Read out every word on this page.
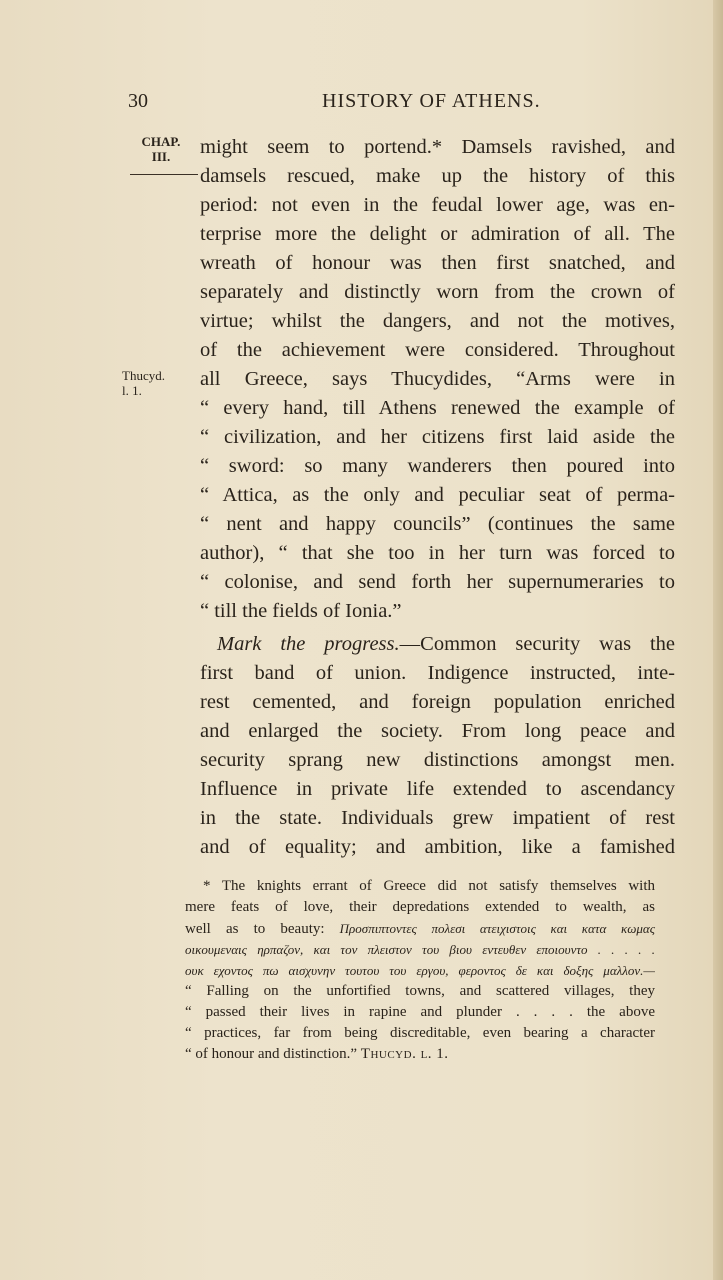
30	HISTORY OF ATHENS.
CHAP.
III.
Thucyd.
l. 1.
might seem to portend.* Damsels ravished, and
damsels rescued, make up the history of this
period: not even in the feudal lower age, was en-
terprise more the delight or admiration of all. The
wreath of honour was then first snatched, and
separately and distinctly worn from the crown of
virtue; whilst the dangers, and not the motives,
of the achievement were considered. Throughout
all Greece, says Thucydides, “Arms were in
“ every hand, till Athens renewed the example of
“ civilization, and her citizens first laid aside the
“ sword: so many wanderers then poured into
“ Attica, as the only and peculiar seat of perma-
“ nent and happy councils” (continues the same
author), “ that she too in her turn was forced to
“ colonise, and send forth her supernumeraries to
“ till the fields of Ionia.”
Mark the progress.—Common security was the
first band of union. Indigence instructed, inte-
rest cemented, and foreign population enriched
and enlarged the society. From long peace and
security sprang new distinctions amongst men.
Influence in private life extended to ascendancy
in the state. Individuals grew impatient of rest
and of equality; and ambition, like a famished
* The knights errant of Greece did not satisfy themselves with
mere feats of love, their depredations extended to wealth, as
well as to beauty: Προσπιπτοντες πολεσι ατειχιστοις και κατα κωμας
οικουμεναις ηρπαζον, και τον πλειστον του βιου εντευθεν εποιουντο . . . . .
ουκ εχοντος πω αισχυνην τουτου του εργου, φεροντος δε και δοξης μαλλον.—
“ Falling on the unfortified towns, and scattered villages, they
“ passed their lives in rapine and plunder . . . . the above
“ practices, far from being discreditable, even bearing a character
“ of honour and distinction.” Thucyd. l. 1.
